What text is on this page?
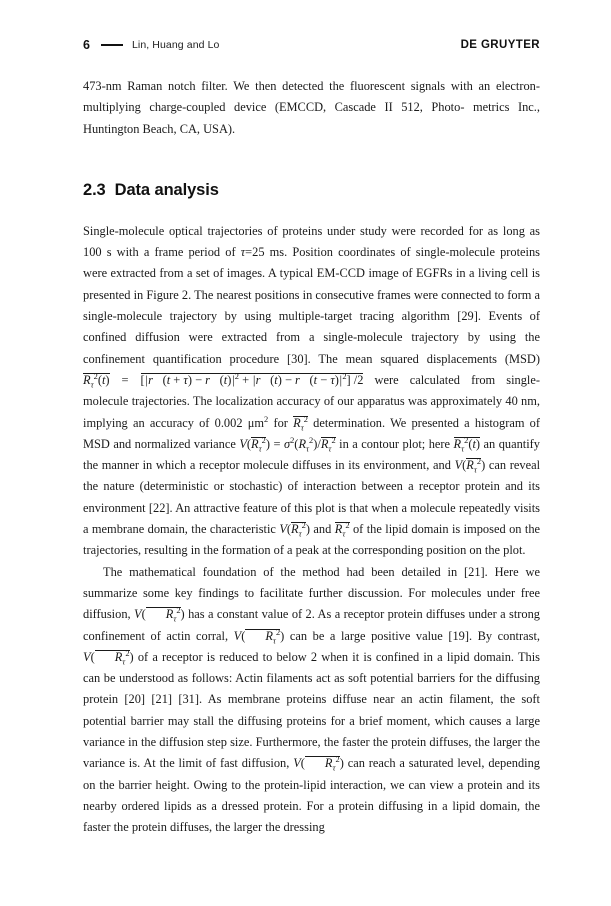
6	Lin, Huang and Lo	DE GRUYTER

473-nm Raman notch filter. We then detected the fluorescent signals with an electron-multiplying charge-coupled device (EMCCD, Cascade II 512, Photo- metrics Inc., Huntington Beach, CA, USA).

2.3 Data analysis

Single-molecule optical trajectories of proteins under study were recorded for as long as 100 s with a frame period of τ=25 ms. Position coordinates of single-molecule proteins were extracted from a set of images. A typical EM-CCD image of EGFRs in a living cell is presented in Figure 2. The nearest positions in consecutive frames were connected to form a single-molecule trajectory by using multiple-target tracing algorithm [29]. Events of confined diffusion were extracted from a single-molecule trajectory by using the confinement quantification procedure [30]. The mean squared displacements (MSD) $R_\tau^2(t)$ = [|r⃗(t + $\tau) - r⃗(t)|^2$ + |r⃗(t) − r⃗(t − $\tau)|^2$] /2 were calculated from single-molecule trajectories. The localization accuracy of our apparatus was approximately 40 nm, implying an accuracy of 0.002 $\mu m^2$ for $R_\tau^2$ determination. We presented a histogram of MSD and normalized variance $V(R_\tau^2) = \sigma^2(R_\tau^2)/R_\tau^2$ in a contour plot; here $R_\tau^2(t)$ an quantify the manner in which a receptor molecule diffuses in its environment, and $V(R_\tau^2)$ can reveal the nature (deterministic or stochastic) of interaction between a receptor protein and its environment [22]. An attractive feature of this plot is that when a molecule repeatedly visits a membrane domain, the characteristic $V(R_\tau^2)$ and $R_\tau^2$ of the lipid domain is imposed on the trajectories, resulting in the formation of a peak at the corresponding position on the plot.

The mathematical foundation of the method had been detailed in [21]. Here we summarize some key findings to facilitate further discussion. For molecules under free diffusion, V( $R_\tau^2$) has a constant value of 2. As a receptor protein diffuses under a strong confinement of actin corral, V( $R_\tau^2$) can be a large positive value [19]. By contrast, V( $R_\tau^2$) of a receptor is reduced to below 2 when it is confined in a lipid domain. This can be understood as follows: Actin filaments act as soft potential barriers for the diffusing protein [20] [21] [31]. As membrane proteins diffuse near an actin filament, the soft potential barrier may stall the diffusing proteins for a brief moment, which causes a large variance in the diffusion step size. Furthermore, the faster the protein diffuses, the larger the variance is. At the limit of fast diffusion, V( $R_\tau^2$) can reach a saturated level, depending on the barrier height. Owing to the protein-lipid interaction, we can view a protein and its nearby ordered lipids as a dressed protein. For a protein diffusing in a lipid domain, the faster the protein diffuses, the larger the dressing
